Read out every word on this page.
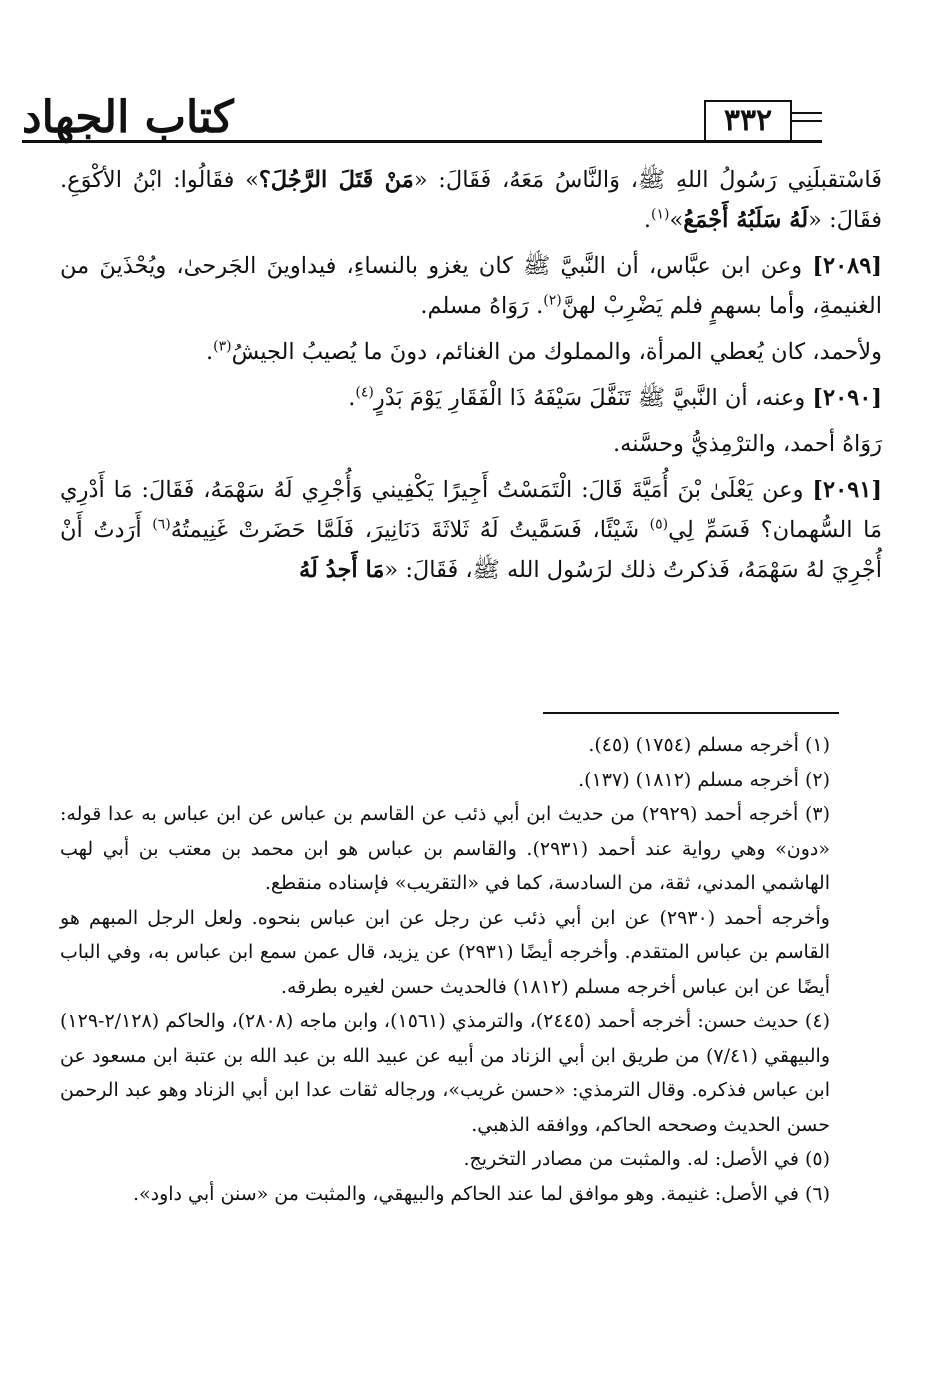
كتاب الجهاد	٣٣٢

فَاسْتقبلَنِي رَسُولُ اللهِ ﷺ، وَالنَّاسُ مَعَهُ، فَقَالَ: «مَنْ قَتَلَ الرَّجُلَ؟» فقَالُوا: ابْنُ الأكْوَعِ. فقَالَ: «لَهُ سَلَبُهُ أَجْمَعُ»$^{(١)}$.

[٢٠٨٩] وعن ابن عبَّاس، أن النَّبيَّ ﷺ كان يغزو بالنساءِ، فيداوينَ الجَرحىٰ، ويُحْذَينَ من الغنيمةِ، وأما بسهمٍ فلم يَضْرِبْ لهنَّ$^{(٢)}$. رَوَاهُ مسلم.

ولأحمد، كان يُعطي المرأة، والمملوك من الغنائم، دونَ ما يُصيبُ الجيشُ$^{(٣)}$.

[٢٠٩٠] وعنه، أن النَّبيَّ ﷺ تَنَفَّلَ سَيْفَهُ ذَا الْفَقَارِ يَوْمَ بَدْرٍ$^{(٤)}$.

رَوَاهُ أحمد، والترْمِذيُّ وحسَّنه.

[٢٠٩١] وعن يَعْلَىٰ بْنَ أُمَيَّةَ قَالَ: الْتَمَسْتُ أَجِيرًا يَكْفِيني وَأُجْرِي لَهُ سَهْمَهُ، فَقَالَ: مَا أَدْرِي مَا السُّهمان؟ فَسَمِّ لِي$^{(٥)}$ شَيْئًا، فَسَمَّيتُ لَهُ ثَلاثَةَ دَنَانِيرَ، فَلَمَّا حَضَرتْ غَنِيمتُهُ$^{(٦)}$ أَرَدتُ أَنْ أُجْرِيَ لهُ سَهْمَهُ، فَذكرتُ ذلك لرَسُول الله ﷺ، فَقَالَ: «مَا أَجدُ لَهُ

(١) أخرجه مسلم (١٧٥٤) (٤٥).

(٢) أخرجه مسلم (١٨١٢) (١٣٧).

(٣) أخرجه أحمد (٢٩٢٩) من حديث ابن أبي ذئب عن القاسم بن عباس عن ابن عباس به عدا قوله: «دون» وهي رواية عند أحمد (٢٩٣١). والقاسم بن عباس هو ابن محمد بن معتب بن أبي لهب الهاشمي المدني، ثقة، من السادسة، كما في «التقريب» فإسناده منقطع.

وأخرجه أحمد (٢٩٣٠) عن ابن أبي ذئب عن رجل عن ابن عباس بنحوه. ولعل الرجل المبهم هو القاسم بن عباس المتقدم. وأخرجه أيضًا (٢٩٣١) عن يزيد، قال عمن سمع ابن عباس به، وفي الباب أيضًا عن ابن عباس أخرجه مسلم (١٨١٢) فالحديث حسن لغيره بطرقه.

(٤) حديث حسن: أخرجه أحمد (٢٤٤٥)، والترمذي (١٥٦١)، وابن ماجه (٢٨٠٨)، والحاكم (٢/١٢٨-١٢٩) والبيهقي (٧/٤١) من طريق ابن أبي الزناد من أبيه عن عبيد الله بن عبد الله بن عتبة ابن مسعود عن ابن عباس فذكره. وقال الترمذي: «حسن غريب»، ورجاله ثقات عدا ابن أبي الزناد وهو عبد الرحمن حسن الحديث وصححه الحاكم، ووافقه الذهبي.

(٥) في الأصل: له. والمثبت من مصادر التخريج.

(٦) في الأصل: غنيمة. وهو موافق لما عند الحاكم والبيهقي، والمثبت من «سنن أبي داود».
